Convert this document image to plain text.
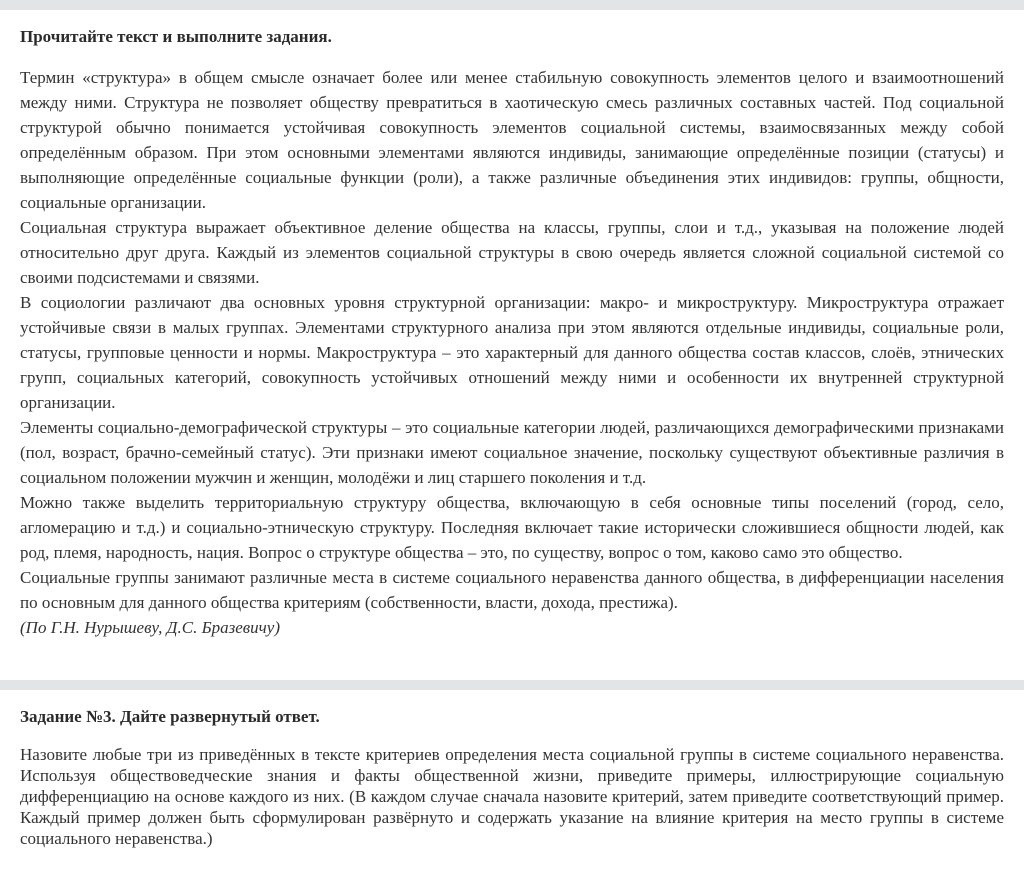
Прочитайте текст и выполните задания.

Термин «структура» в общем смысле означает более или менее стабильную совокупность элементов целого и взаимоотношений между ними. Структура не позволяет обществу превратиться в хаотическую смесь различных составных частей. Под социальной структурой обычно понимается устойчивая совокупность элементов социальной системы, взаимосвязанных между собой определённым образом. При этом основными элементами являются индивиды, занимающие определённые позиции (статусы) и выполняющие определённые социальные функции (роли), а также различные объединения этих индивидов: группы, общности, социальные организации.

Социальная структура выражает объективное деление общества на классы, группы, слои и т.д., указывая на положение людей относительно друг друга. Каждый из элементов социальной структуры в свою очередь является сложной социальной системой со своими подсистемами и связями.

В социологии различают два основных уровня структурной организации: макро- и микроструктуру. Микроструктура отражает устойчивые связи в малых группах. Элементами структурного анализа при этом являются отдельные индивиды, социальные роли, статусы, групповые ценности и нормы. Макроструктура – это характерный для данного общества состав классов, слоёв, этнических групп, социальных категорий, совокупность устойчивых отношений между ними и особенности их внутренней структурной организации.

Элементы социально-демографической структуры – это социальные категории людей, различающихся демографическими признаками (пол, возраст, брачно-семейный статус). Эти признаки имеют социальное значение, поскольку существуют объективные различия в социальном положении мужчин и женщин, молодёжи и лиц старшего поколения и т.д.

Можно также выделить территориальную структуру общества, включающую в себя основные типы поселений (город, село, агломерацию и т.д.) и социально-этническую структуру. Последняя включает такие исторически сложившиеся общности людей, как род, племя, народность, нация. Вопрос о структуре общества – это, по существу, вопрос о том, каково само это общество.

Социальные группы занимают различные места в системе социального неравенства данного общества, в дифференциации населения по основным для данного общества критериям (собственности, власти, дохода, престижа).

(По Г.Н. Нурышеву, Д.С. Бразевичу)

Задание №3. Дайте развернутый ответ.
Назовите любые три из приведённых в тексте критериев определения места социальной группы в системе социального неравенства. Используя обществоведческие знания и факты общественной жизни, приведите примеры, иллюстрирующие социальную дифференциацию на основе каждого из них. (В каждом случае сначала назовите критерий, затем приведите соответствующий пример. Каждый пример должен быть сформулирован развёрнуто и содержать указание на влияние критерия на место группы в системе социального неравенства.)
